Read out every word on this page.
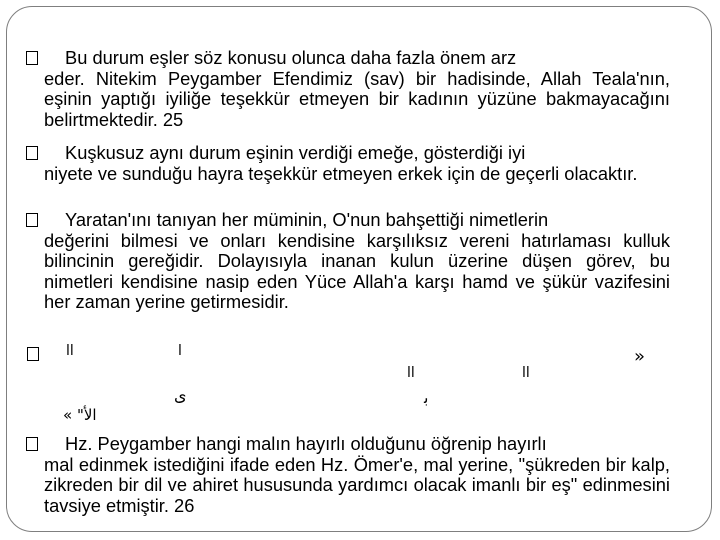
Bu durum eşler söz konusu olunca daha fazla önem arz
eder. Nitekim Peygamber Efendimiz (sav) bir hadisinde, Allah Teala'nın, eşinin yaptığı iyiliğe teşekkür etmeyen bir kadının yüzüne bakmayacağını belirtmektedir. 25
Kuşkusuz aynı durum eşinin verdiği emeğe, gösterdiği iyi
niyete ve sunduğu hayra teşekkür etmeyen erkek için de geçerli olacaktır.
Yaratan'ını tanıyan her müminin, O'nun bahşettiği nimetlerin
değerini bilmesi ve onları kendisine karşılıksız vereni hatırlaması kulluk bilincinin gereğidir. Dolayısıyla inanan kulun üzerine düşen görev, bu nimetleri kendisine nasip eden Yüce Allah'a karşı hamd ve şükür vazifesini her zaman yerine getirmesidir.
ll	l	»
ll	ll
ى	ﺑ
« "ﺍﻷ
Hz. Peygamber hangi malın hayırlı olduğunu öğrenip hayırlı
mal edinmek istediğini ifade eden Hz. Ömer'e, mal yerine, "şükreden bir kalp, zikreden bir dil ve ahiret hususunda yardımcı olacak imanlı bir eş" edinmesini tavsiye etmiştir. 26
